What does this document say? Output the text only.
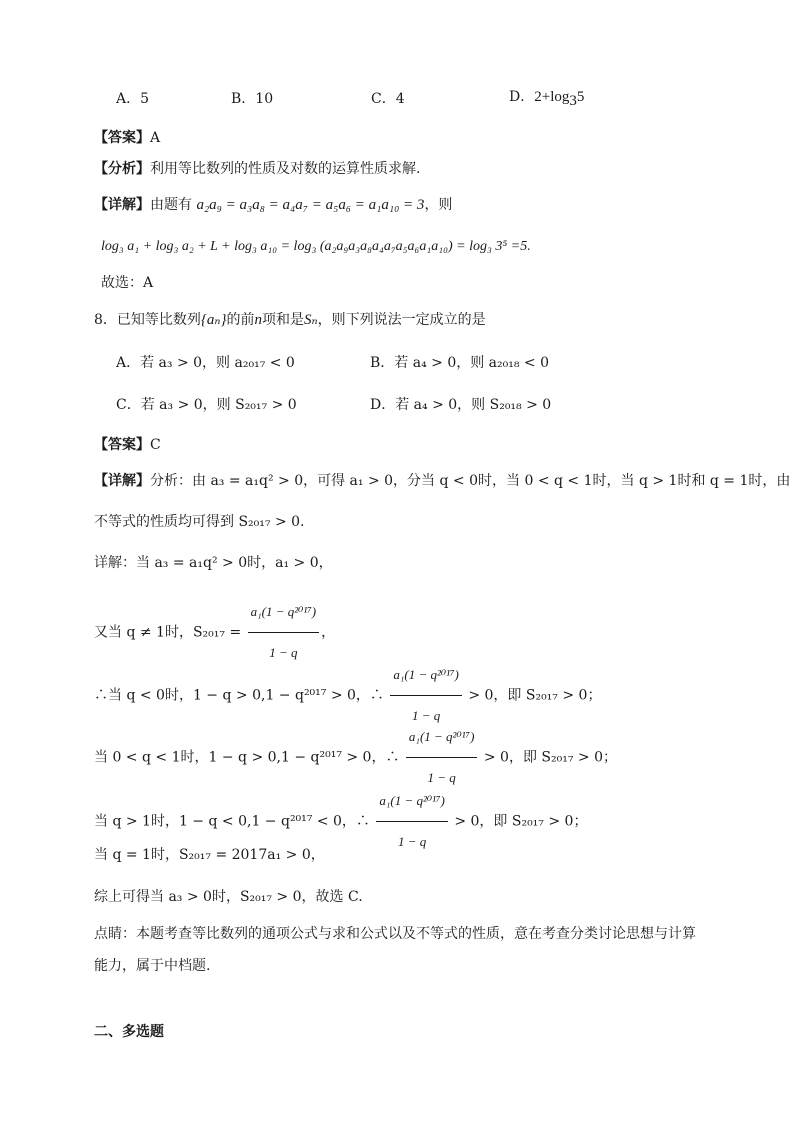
A．5	B．10	C．4	D．$2+\log_35$
【答案】A
【分析】利用等比数列的性质及对数的运算性质求解.
【详解】由题有 a₂a₉ = a₃a₈ = a₄a₇ = a₅a₆ = a₁a₁₀ = 3，则
log₃ a₁ + log₃ a₂ + L + log₃ a₁₀ = log₃ (a₂a₉a₃a₈a₄a₇a₅a₆a₁a₁₀) = log₃ 3⁵ =5.
故选：A
8．已知等比数列{aₙ}的前n项和是Sₙ，则下列说法一定成立的是
A．若 a₃ > 0，则 a₂₀₁₇ < 0	B．若 a₄ > 0，则 a₂₀₁₈ < 0
C．若 a₃ > 0，则 S₂₀₁₇ > 0	D．若 a₄ > 0，则 S₂₀₁₈ > 0
【答案】C
【详解】分析：由 a₃ = a₁q² > 0，可得 a₁ > 0，分当 q < 0时，当 0 < q < 1时，当 q > 1时和 q = 1时，由
不等式的性质均可得到 S₂₀₁₇ > 0.
详解：当 a₃ = a₁q² > 0时，a₁ > 0，
又当 q ≠ 1时，$S_{2017} = \frac{\text{a₁(1 − q²⁰¹⁷)}}{1 - q}$ ，
∴当 q < 0时，1 − q > 0,1 − q²⁰¹⁷ > 0，∴ $\frac{\text{a₁(1 − q²⁰¹⁷)}}{1 - q} > 0$，即 S₂₀₁₇ > 0；
当 0 < q < 1时，1 − q > 0,1 − q²⁰¹⁷ > 0，∴ $\frac{\text{a₁(1 − q²⁰¹⁷)}}{1 - q} > 0$，即 S₂₀₁₇ > 0；
当 q > 1时，1 − q < 0,1 − q²⁰¹⁷ < 0，∴ $\frac{\text{a₁(1 − q²⁰¹⁷)}}{1 - q} > 0$，即 S₂₀₁₇ > 0；
当 q = 1时，S₂₀₁₇ = 2017a₁ > 0，
综上可得当 a₃ > 0时，S₂₀₁₇ > 0，故选 C.
点睛：本题考查等比数列的通项公式与求和公式以及不等式的性质，意在考查分类讨论思想与计算
能力，属于中档题.
二、多选题
